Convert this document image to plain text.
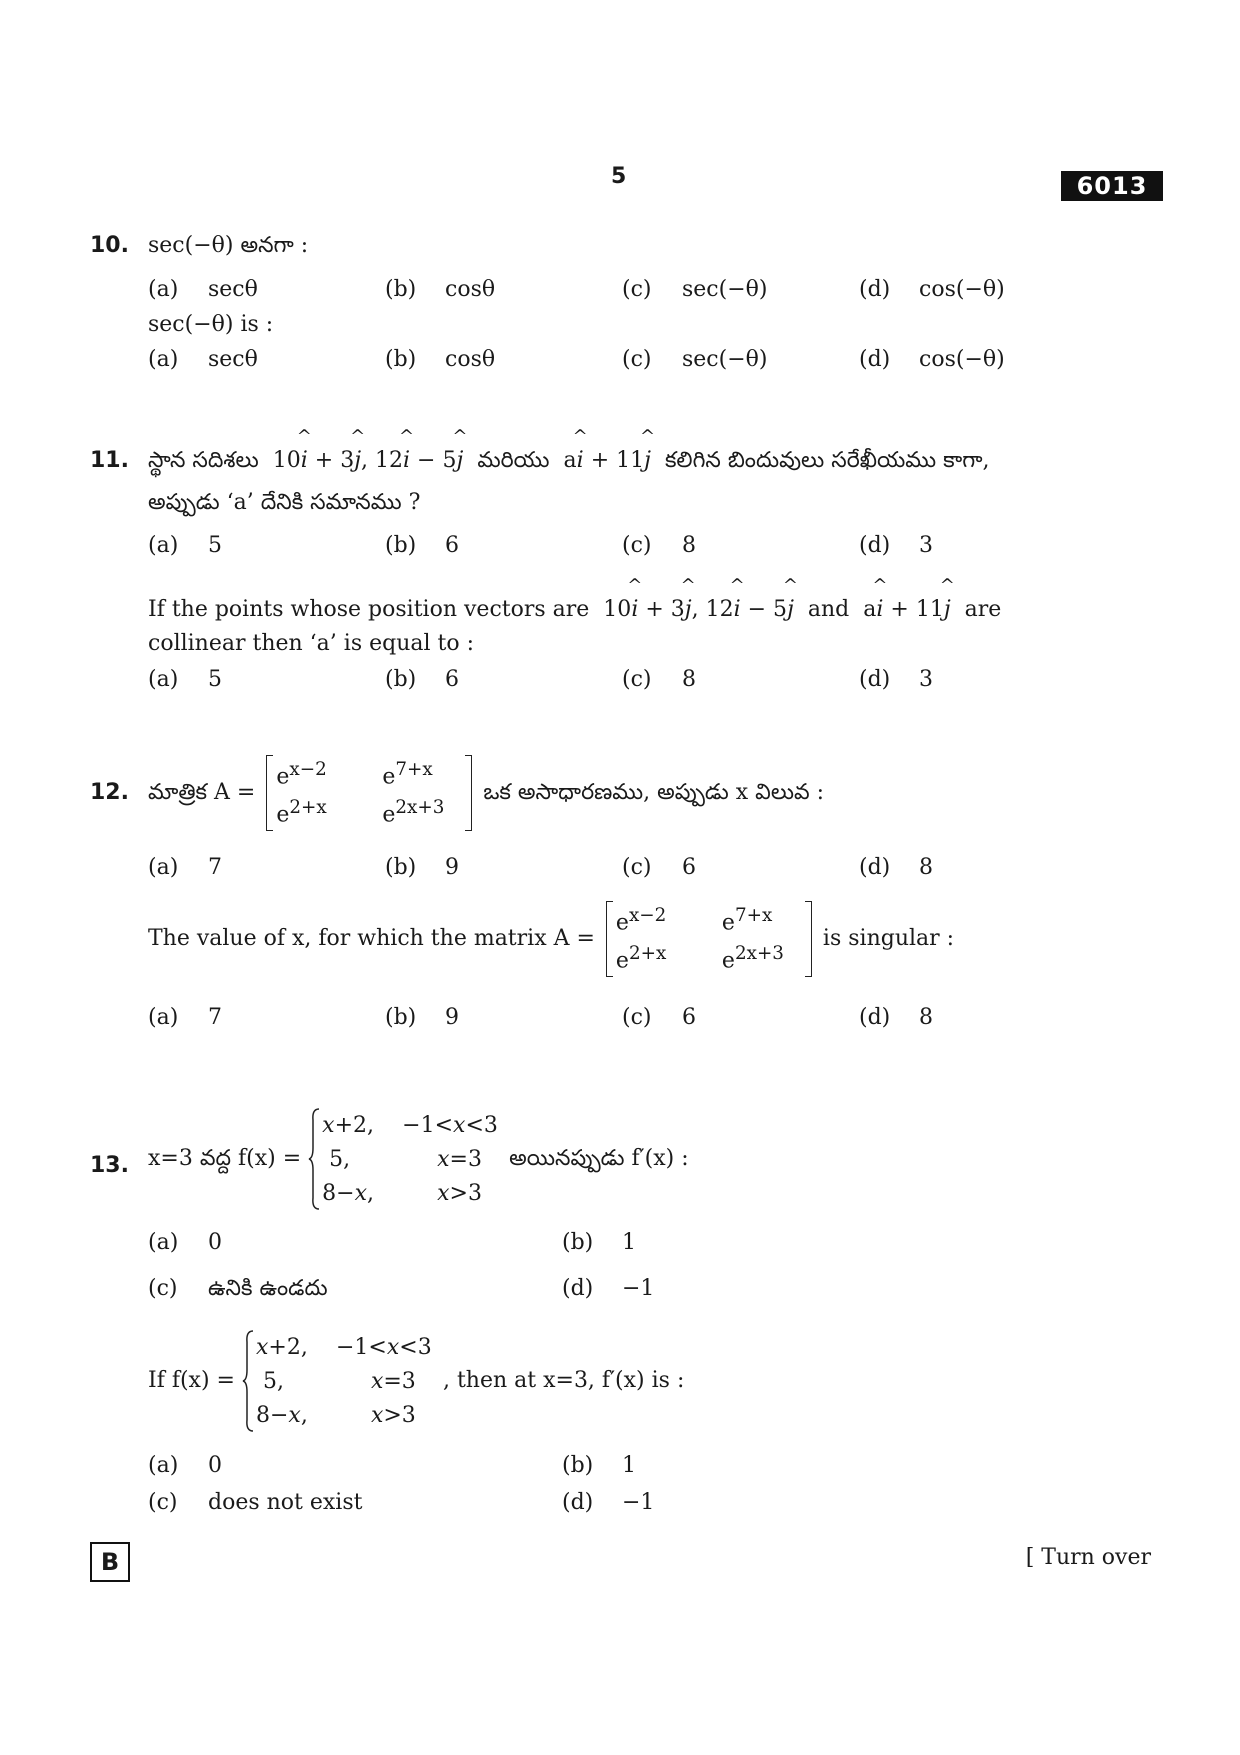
5	6013
10. sec(−θ) అనగా :
(a) secθ	(b) cosθ	(c) sec(−θ)	(d) cos(−θ)
sec(−θ) is :
(a) secθ	(b) cosθ	(c) sec(−θ)	(d) cos(−θ)
11. స్థాన సదిశలు  10^ i + 3^ j, 12^ i − 5^ j మరియు  a^ i + 11^ j కలిగిన బిందువులు సరేఖీయము కాగా,
అప్పుడు ‘a’ దేనికి సమానము ?
(a) 5	(b) 6	(c) 8	(d) 3
If the points whose position vectors are  10^ i + 3^ j, 12^ i − 5^ j and  a^ i + 11^ j are
collinear then ‘a’ is equal to :
(a) 5	(b) 6	(c) 8	(d) 3
12. మాత్రిక A =
$e^{x-2}$	$e^{7+x}$
$e^{2+x}$	$e^{2x+3}$
ఒక అసాధారణము, అప్పుడు x విలువ :
(a) 7	(b) 9	(c) 6	(d) 8
The value of x, for which the matrix A =
$e^{x-2}$	$e^{7+x}$
$e^{2+x}$	$e^{2x+3}$
is singular :
(a) 7	(b) 9	(c) 6	(d) 8
13. x=3 వద్ద f(x) =
x+2,	−1<x<3
5,	x=3
8−x,	x>3
అయినప్పుడు f′(x) :
(a) 0	(b) 1
(c) ఉనికి ఉండదు	(d) −1
If f(x) =
x+2,	−1<x<3
5,	x=3
8−x,	x>3
, then at x=3, f′(x) is :
(a) 0	(b) 1
(c) does not exist	(d) −1
B	[ Turn over
